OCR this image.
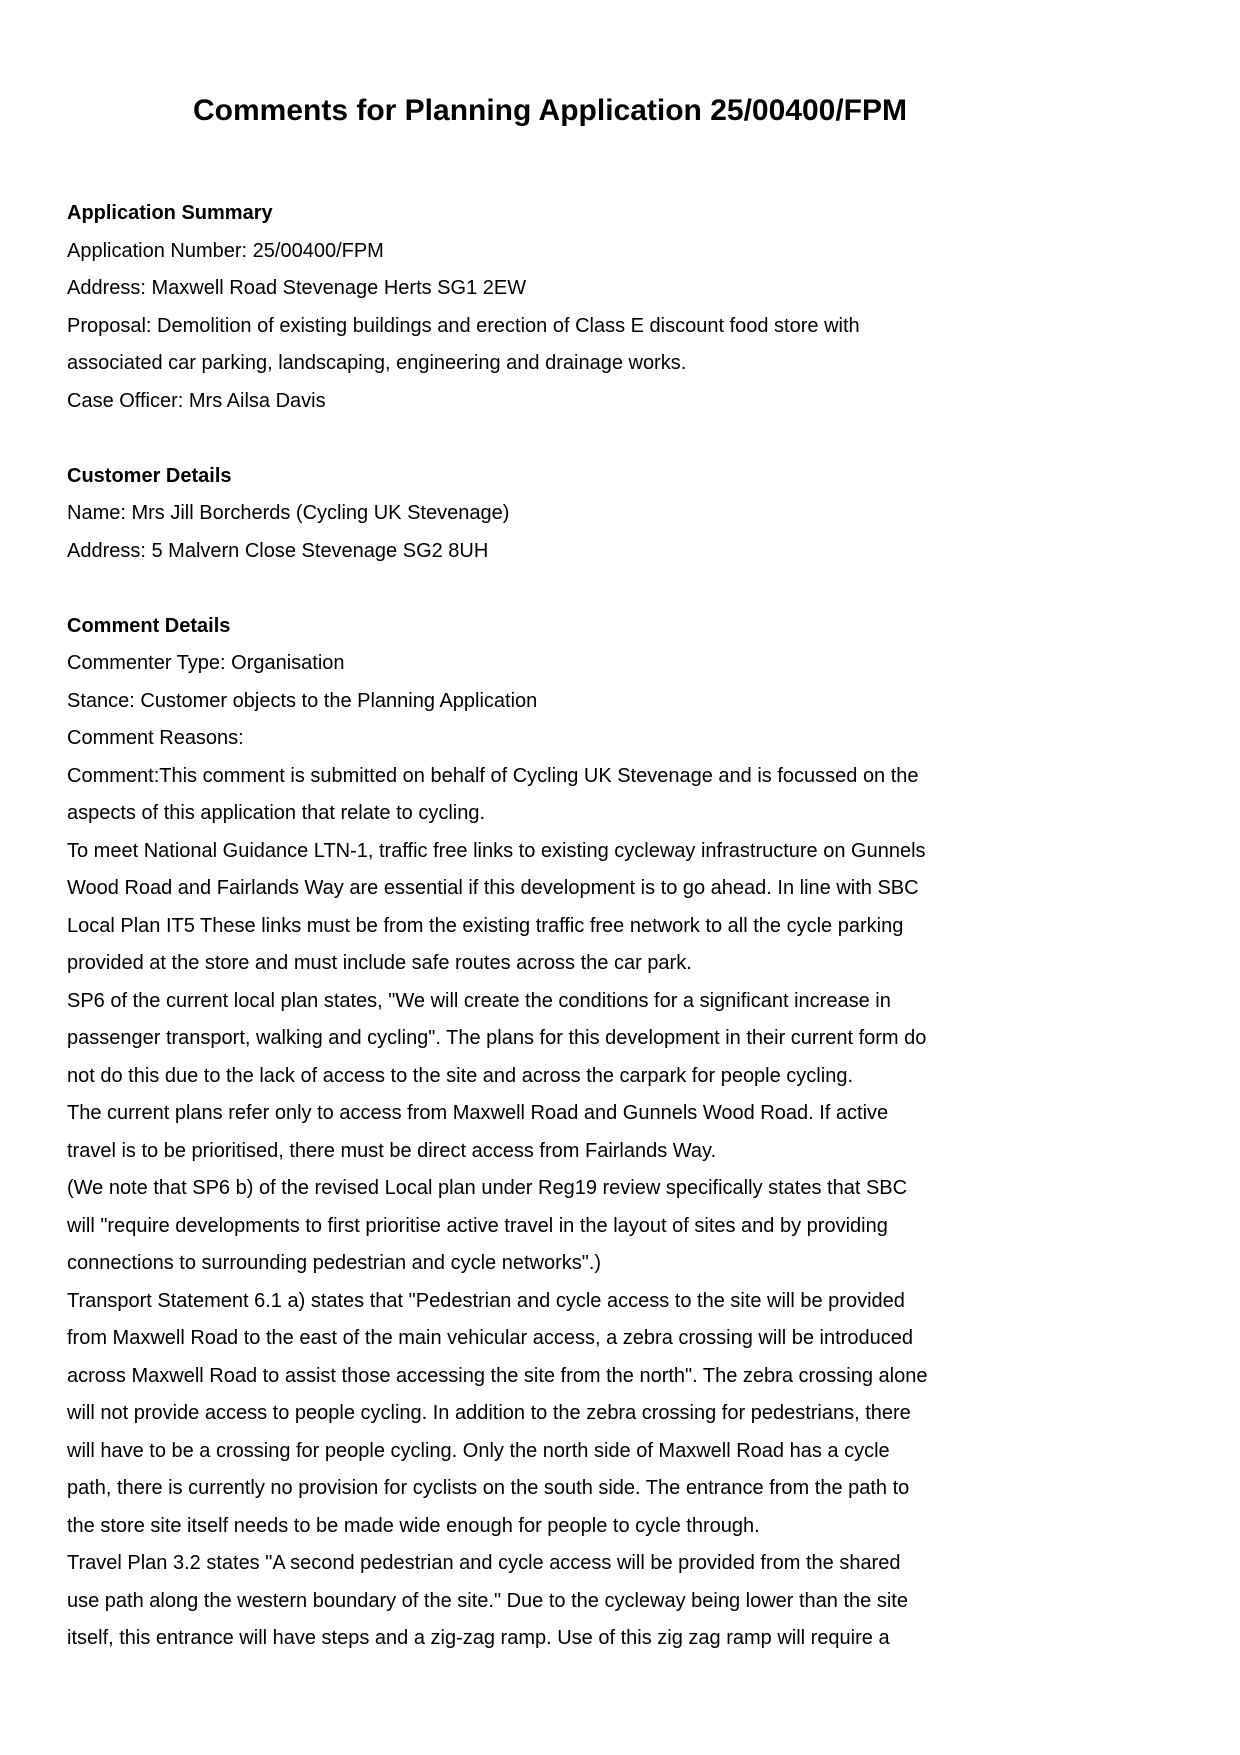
Comments for Planning Application 25/00400/FPM

Application Summary

Application Number: 25/00400/FPM

Address: Maxwell Road Stevenage Herts SG1 2EW

Proposal: Demolition of existing buildings and erection of Class E discount food store with

associated car parking, landscaping, engineering and drainage works.

Case Officer: Mrs Ailsa Davis

Customer Details

Name: Mrs Jill Borcherds (Cycling UK Stevenage)

Address: 5 Malvern Close Stevenage SG2 8UH

Comment Details

Commenter Type: Organisation

Stance: Customer objects to the Planning Application

Comment Reasons:

Comment:This comment is submitted on behalf of Cycling UK Stevenage and is focussed on the

aspects of this application that relate to cycling.

To meet National Guidance LTN-1, traffic free links to existing cycleway infrastructure on Gunnels

Wood Road and Fairlands Way are essential if this development is to go ahead. In line with SBC

Local Plan IT5 These links must be from the existing traffic free network to all the cycle parking

provided at the store and must include safe routes across the car park.

SP6 of the current local plan states, "We will create the conditions for a significant increase in

passenger transport, walking and cycling". The plans for this development in their current form do

not do this due to the lack of access to the site and across the carpark for people cycling.

The current plans refer only to access from Maxwell Road and Gunnels Wood Road. If active

travel is to be prioritised, there must be direct access from Fairlands Way.

(We note that SP6 b) of the revised Local plan under Reg19 review specifically states that SBC

will "require developments to first prioritise active travel in the layout of sites and by providing

connections to surrounding pedestrian and cycle networks".)

Transport Statement 6.1 a) states that "Pedestrian and cycle access to the site will be provided

from Maxwell Road to the east of the main vehicular access, a zebra crossing will be introduced

across Maxwell Road to assist those accessing the site from the north". The zebra crossing alone

will not provide access to people cycling. In addition to the zebra crossing for pedestrians, there

will have to be a crossing for people cycling. Only the north side of Maxwell Road has a cycle

path, there is currently no provision for cyclists on the south side. The entrance from the path to

the store site itself needs to be made wide enough for people to cycle through.

Travel Plan 3.2 states "A second pedestrian and cycle access will be provided from the shared

use path along the western boundary of the site." Due to the cycleway being lower than the site

itself, this entrance will have steps and a zig-zag ramp. Use of this zig zag ramp will require a
